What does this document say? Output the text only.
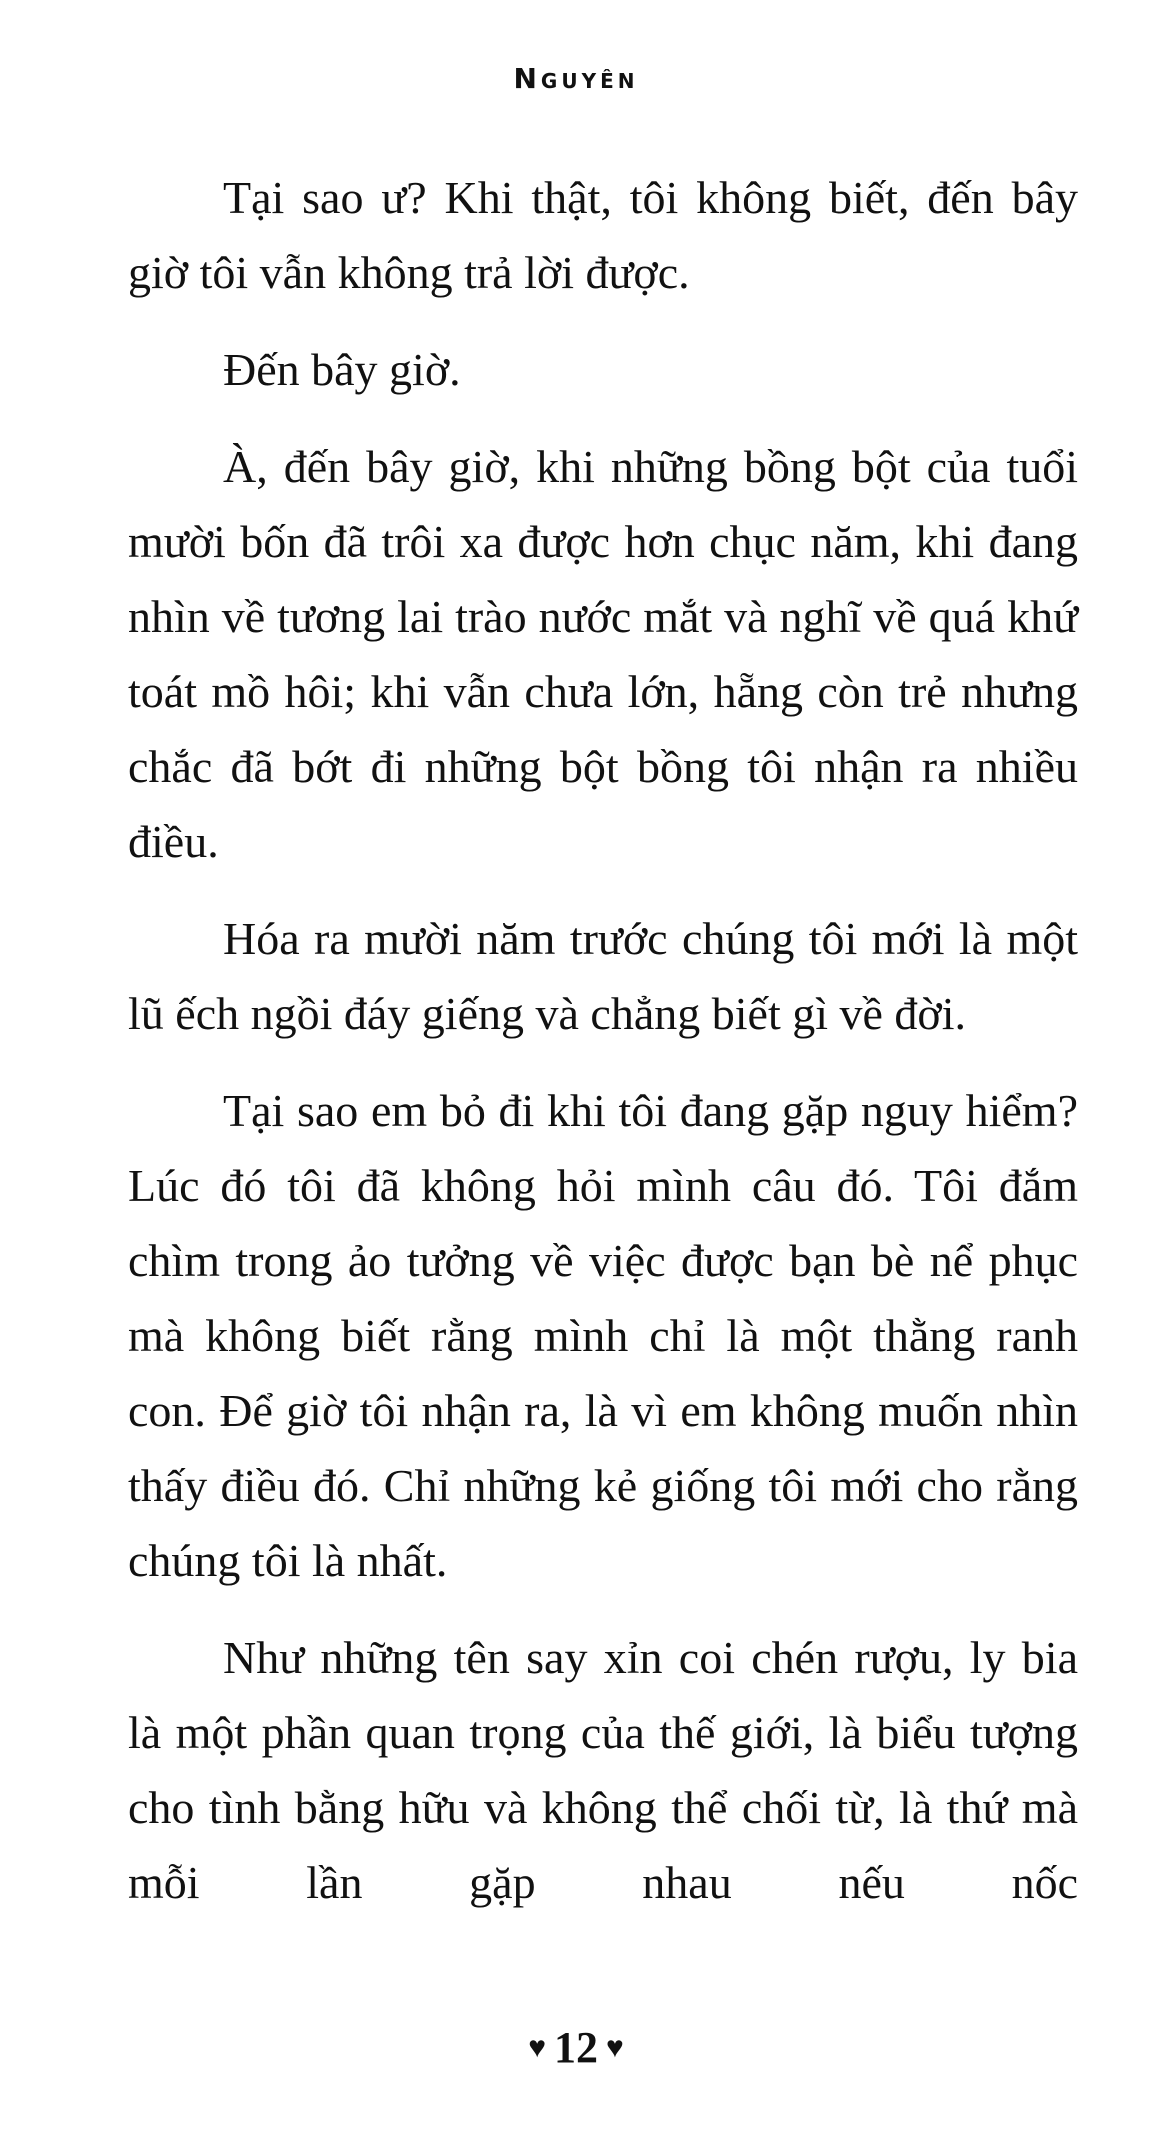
Nguyên

Tại sao ư? Khi thật, tôi không biết, đến bây giờ tôi vẫn không trả lời được.

Đến bây giờ.

À, đến bây giờ, khi những bồng bột của tuổi mười bốn đã trôi xa được hơn chục năm, khi đang nhìn về tương lai trào nước mắt và nghĩ về quá khứ toát mồ hôi; khi vẫn chưa lớn, hẵng còn trẻ nhưng chắc đã bớt đi những bột bồng tôi nhận ra nhiều điều.

Hóa ra mười năm trước chúng tôi mới là một lũ ếch ngồi đáy giếng và chẳng biết gì về đời.

Tại sao em bỏ đi khi tôi đang gặp nguy hiểm? Lúc đó tôi đã không hỏi mình câu đó. Tôi đắm chìm trong ảo tưởng về việc được bạn bè nể phục mà không biết rằng mình chỉ là một thằng ranh con. Để giờ tôi nhận ra, là vì em không muốn nhìn thấy điều đó. Chỉ những kẻ giống tôi mới cho rằng chúng tôi là nhất.

Như những tên say xỉn coi chén rượu, ly bia là một phần quan trọng của thế giới, là biểu tượng cho tình bằng hữu và không thể chối từ, là thứ mà mỗi lần gặp nhau nếu nốc

♥ 12 ♥
